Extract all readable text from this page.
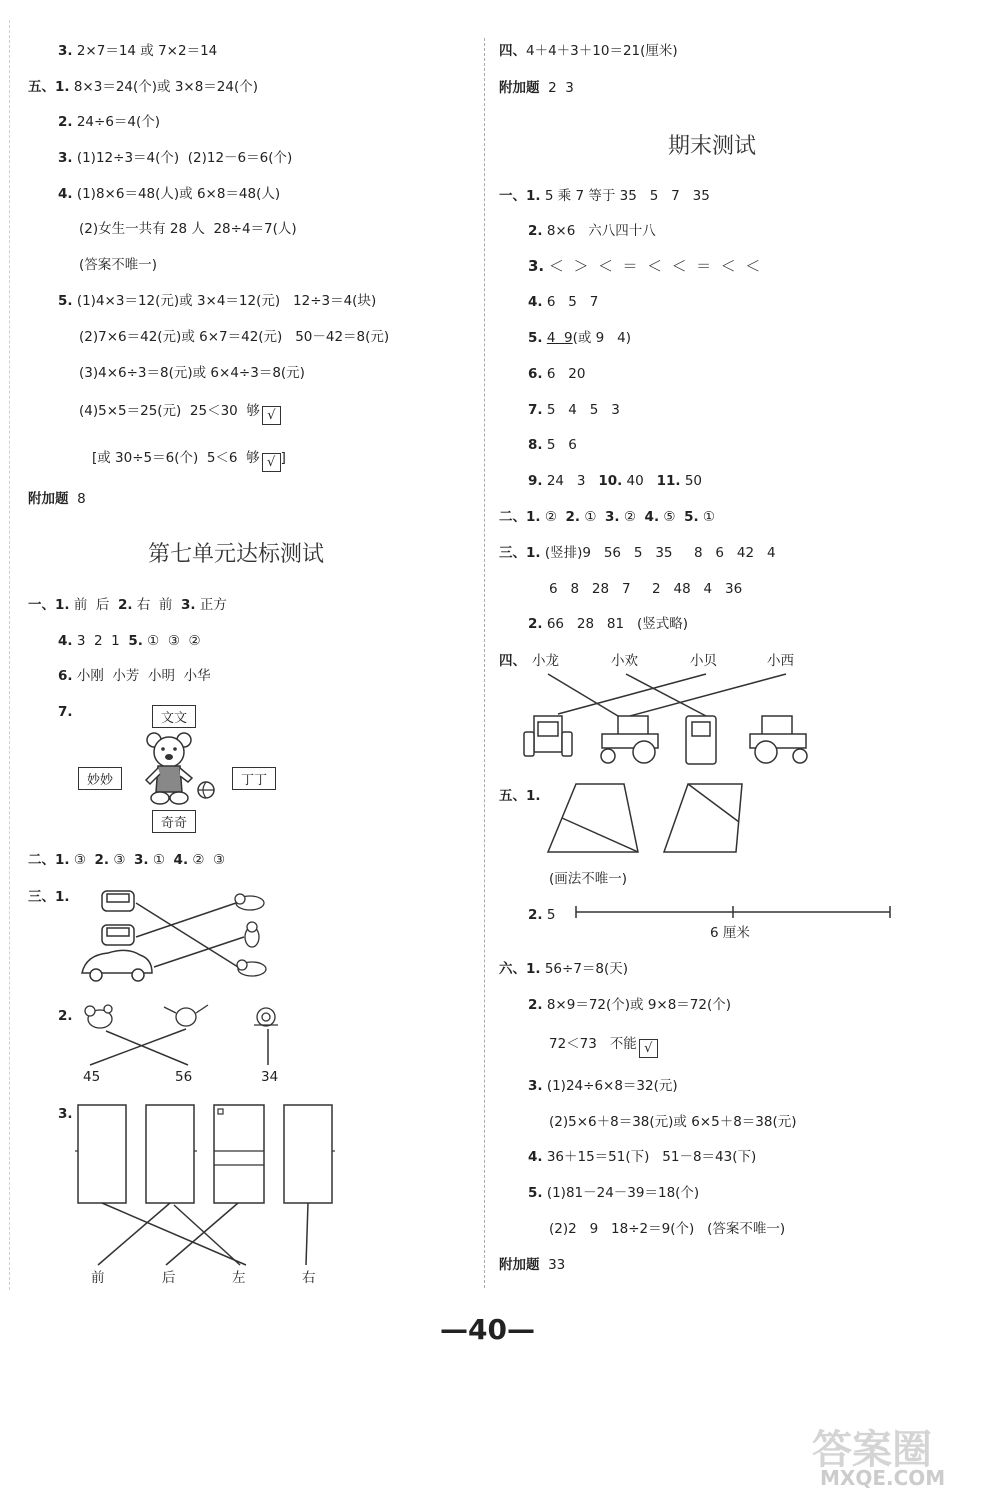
3. 2×7＝14 或 7×2＝14
五、1. 8×3＝24(个)或 3×8＝24(个)
2. 24÷6＝4(个)
3. (1)12÷3＝4(个)  (2)12－6＝6(个)
4. (1)8×6＝48(人)或 6×8＝48(人)
(2)女生一共有 28 人  28÷4＝7(人)
(答案不唯一)
5. (1)4×3＝12(元)或 3×4＝12(元)   12÷3＝4(块)
(2)7×6＝42(元)或 6×7＝42(元)   50－42＝8(元)
(3)4×6÷3＝8(元)或 6×4÷3＝8(元)
(4)5×5＝25(元)  25＜30  够 √
[或 30÷5＝6(个)  5＜6  够 √ ]
附加题 8
第七单元达标测试
一、1. 前  后  2. 右  前  3. 正方
4. 3  2  1  5. ①  ③  ②
6. 小刚  小芳  小明  小华
7.	文文
妙妙	丁丁
奇奇
二、1. ③  2. ③  3. ①  4. ②  ③
三、1.
2.
45	56	34
3.
前	后	左	右
四、4＋4＋3＋10＝21(厘米)
附加题 2  3
期末测试
一、1. 5 乘 7 等于 35   5   7   35
2. 8×6   六八四十八
3. ＜  ＞  ＜  ＝  ＜  ＜  ＝  ＜  ＜
4. 6   5   7
5. 4  9(或 9   4)
6. 6   20
7. 5   4   5   3
8. 5   6
9. 24   3   10. 40   11. 50
二、1. ②  2. ①  3. ②  4. ⑤  5. ①
三、1. (竖排)9   56   5   35     8   6   42   4
6   8   28   7     2   48   4   36
2. 66   28   81   (竖式略)
四、 小龙	小欢	小贝	小西
五、1.
(画法不唯一)
2. 5
6 厘米
六、1. 56÷7＝8(天)
2. 8×9＝72(个)或 9×8＝72(个)
72＜73   不能 √
3. (1)24÷6×8＝32(元)
(2)5×6＋8＝38(元)或 6×5＋8＝38(元)
4. 36＋15＝51(下)   51－8＝43(下)
5. (1)81－24－39＝18(个)
(2)2   9   18÷2＝9(个)   (答案不唯一)
附加题 33
—40—
答案圈
MXQE.COM
